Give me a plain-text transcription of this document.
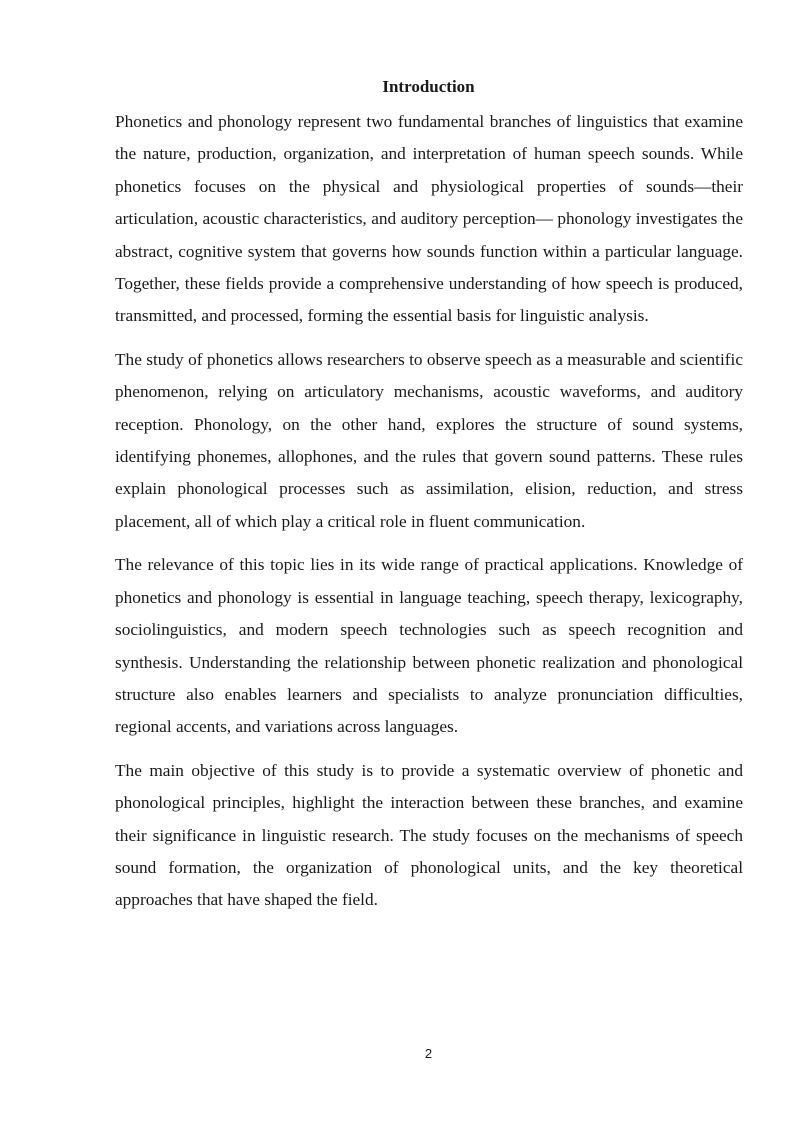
Introduction

Phonetics and phonology represent two fundamental branches of linguistics that examine the nature, production, organization, and interpretation of human speech sounds. While phonetics focuses on the physical and physiological properties of sounds—their articulation, acoustic characteristics, and auditory perception— phonology investigates the abstract, cognitive system that governs how sounds function within a particular language. Together, these fields provide a comprehensive understanding of how speech is produced, transmitted, and processed, forming the essential basis for linguistic analysis.

The study of phonetics allows researchers to observe speech as a measurable and scientific phenomenon, relying on articulatory mechanisms, acoustic waveforms, and auditory reception. Phonology, on the other hand, explores the structure of sound systems, identifying phonemes, allophones, and the rules that govern sound patterns. These rules explain phonological processes such as assimilation, elision, reduction, and stress placement, all of which play a critical role in fluent communication.

The relevance of this topic lies in its wide range of practical applications. Knowledge of phonetics and phonology is essential in language teaching, speech therapy, lexicography, sociolinguistics, and modern speech technologies such as speech recognition and synthesis. Understanding the relationship between phonetic realization and phonological structure also enables learners and specialists to analyze pronunciation difficulties, regional accents, and variations across languages.

The main objective of this study is to provide a systematic overview of phonetic and phonological principles, highlight the interaction between these branches, and examine their significance in linguistic research. The study focuses on the mechanisms of speech sound formation, the organization of phonological units, and the key theoretical approaches that have shaped the field.

2
